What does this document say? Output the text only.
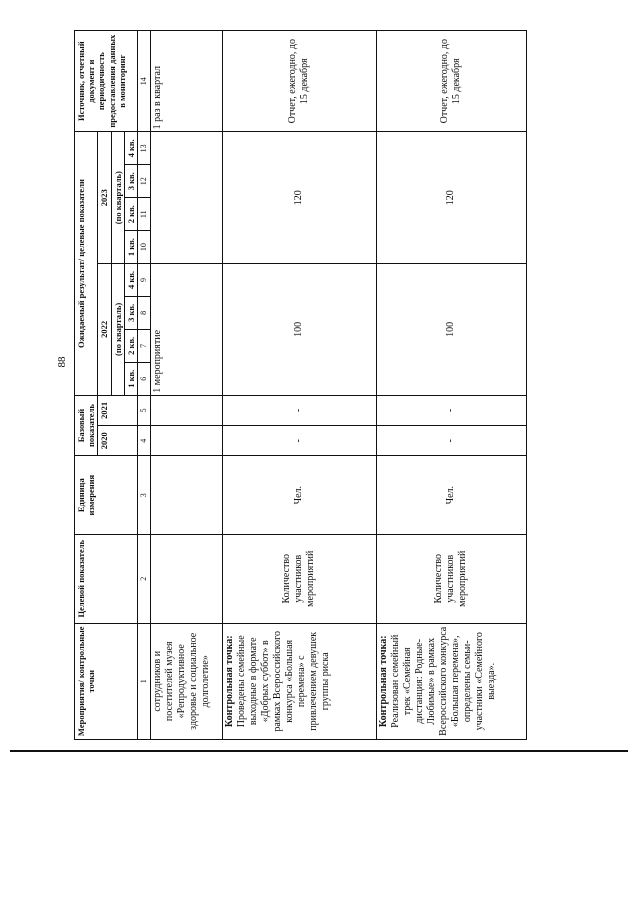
88
Мероприятия/ контрольные точки	Целевой показатель	Единица измерения	Базовый показатель		Ожидаемый результат/ целевые показатели								Источник, отчетный документ и периодичность предоставления данных в мониторинг
			2020	2021	2022				2023				
					(по кварталь)				(по кварталь)				
					1 кв.	2 кв.	3 кв.	4 кв.	1 кв.	2 кв.	3 кв.	4 кв.	
1	2	3	4	5	6	7	8	9	10	11	12	13	14
сотрудников и посетителей музея «Репродуктивное здоровье и социальное долголетие»					1 мероприятие								1 раз в квартал
Контрольная точка:
Проведены семейные выходные в формате «Добрых суббот» в рамках Всероссийского конкурса «Большая перемена» с привлечением девушек группы риска	Количество участников мероприятий	Чел.	-	-	100				120				Отчет, ежегодно, до 15 декабря
Контрольная точка:
Реализован семейный трек «Семейная дистанция: Родные-Любимые» в рамках Всероссийского конкурса «Большая перемена», определены семьи-участники «Семейного выезда».	Количество участников мероприятий	Чел.	-	-	100				120				Отчет, ежегодно, до 15 декабря
